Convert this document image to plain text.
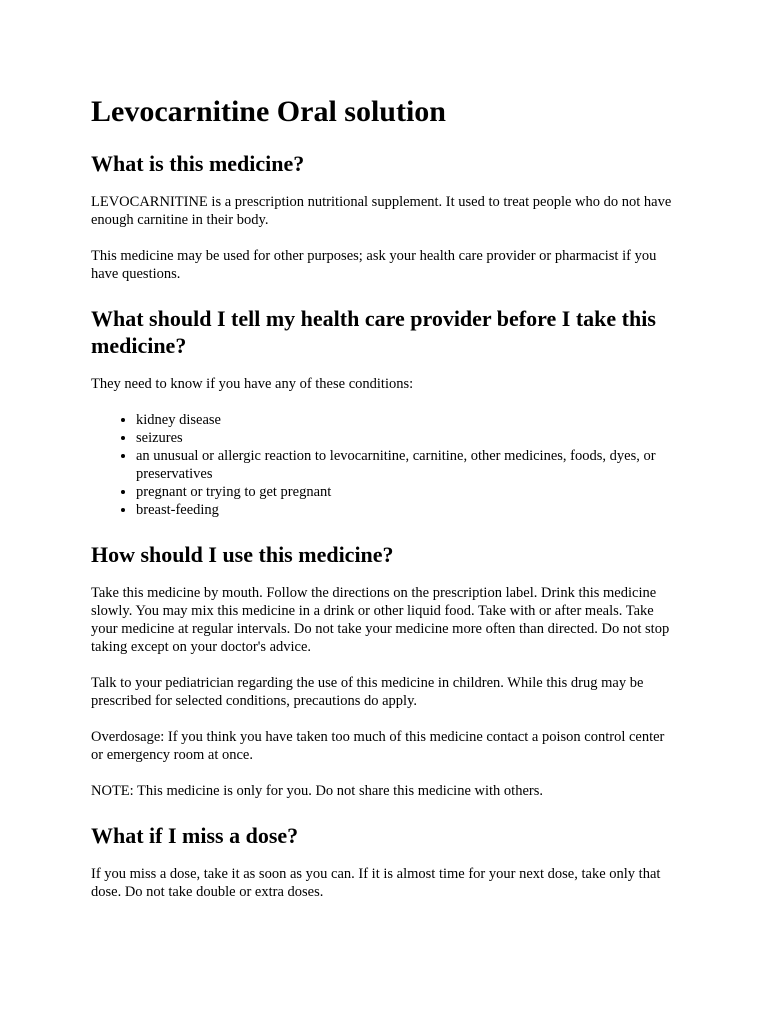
Levocarnitine Oral solution
What is this medicine?

LEVOCARNITINE is a prescription nutritional supplement. It used to treat people who do not have enough carnitine in their body.

This medicine may be used for other purposes; ask your health care provider or pharmacist if you have questions.

What should I tell my health care provider before I take this medicine?

They need to know if you have any of these conditions:

• kidney disease
• seizures
• an unusual or allergic reaction to levocarnitine, carnitine, other medicines, foods, dyes, or preservatives
• pregnant or trying to get pregnant
• breast-feeding
How should I use this medicine?

Take this medicine by mouth. Follow the directions on the prescription label. Drink this medicine slowly. You may mix this medicine in a drink or other liquid food. Take with or after meals. Take your medicine at regular intervals. Do not take your medicine more often than directed. Do not stop taking except on your doctor's advice.

Talk to your pediatrician regarding the use of this medicine in children. While this drug may be prescribed for selected conditions, precautions do apply.

Overdosage: If you think you have taken too much of this medicine contact a poison control center or emergency room at once.

NOTE: This medicine is only for you. Do not share this medicine with others.

What if I miss a dose?

If you miss a dose, take it as soon as you can. If it is almost time for your next dose, take only that dose. Do not take double or extra doses.
